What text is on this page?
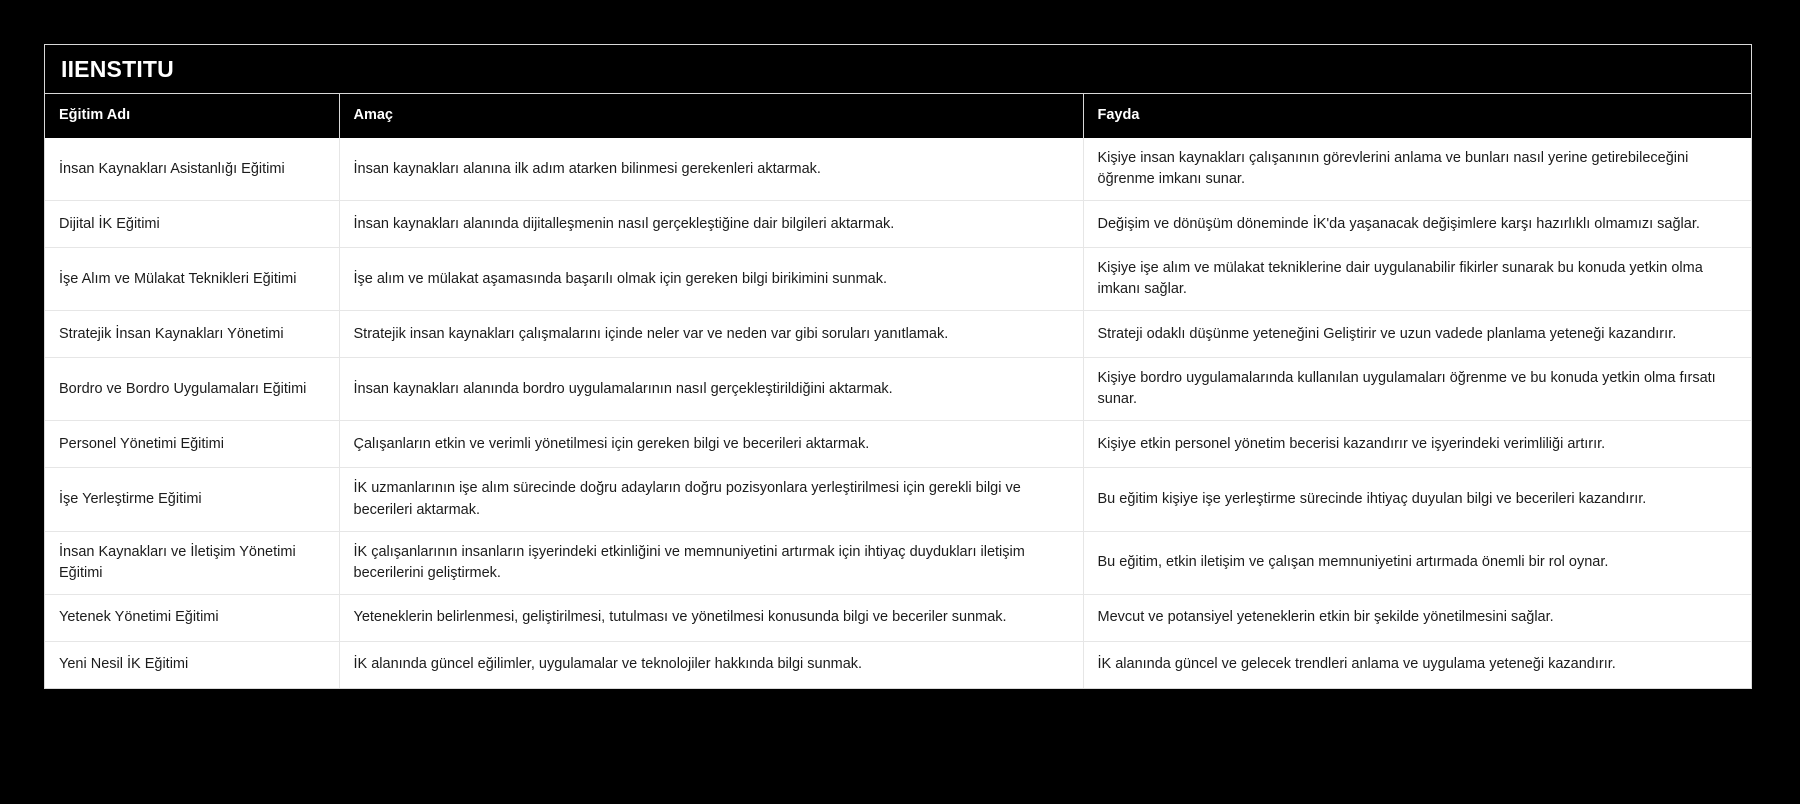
IIENSTITU
Eğitim Adı	Amaç	Fayda
İnsan Kaynakları Asistanlığı Eğitimi	İnsan kaynakları alanına ilk adım atarken bilinmesi gerekenleri aktarmak.	Kişiye insan kaynakları çalışanının görevlerini anlama ve bunları nasıl yerine getirebileceğini öğrenme imkanı sunar.
Dijital İK Eğitimi	İnsan kaynakları alanında dijitalleşmenin nasıl gerçekleştiğine dair bilgileri aktarmak.	Değişim ve dönüşüm döneminde İK'da yaşanacak değişimlere karşı hazırlıklı olmamızı sağlar.
İşe Alım ve Mülakat Teknikleri Eğitimi	İşe alım ve mülakat aşamasında başarılı olmak için gereken bilgi birikimini sunmak.	Kişiye işe alım ve mülakat tekniklerine dair uygulanabilir fikirler sunarak bu konuda yetkin olma imkanı sağlar.
Stratejik İnsan Kaynakları Yönetimi	Stratejik insan kaynakları çalışmalarını içinde neler var ve neden var gibi soruları yanıtlamak.	Strateji odaklı düşünme yeteneğini Geliştirir ve uzun vadede planlama yeteneği kazandırır.
Bordro ve Bordro Uygulamaları Eğitimi	İnsan kaynakları alanında bordro uygulamalarının nasıl gerçekleştirildiğini aktarmak.	Kişiye bordro uygulamalarında kullanılan uygulamaları öğrenme ve bu konuda yetkin olma fırsatı sunar.
Personel Yönetimi Eğitimi	Çalışanların etkin ve verimli yönetilmesi için gereken bilgi ve becerileri aktarmak.	Kişiye etkin personel yönetim becerisi kazandırır ve işyerindeki verimliliği artırır.
İşe Yerleştirme Eğitimi	İK uzmanlarının işe alım sürecinde doğru adayların doğru pozisyonlara yerleştirilmesi için gerekli bilgi ve becerileri aktarmak.	Bu eğitim kişiye işe yerleştirme sürecinde ihtiyaç duyulan bilgi ve becerileri kazandırır.
İnsan Kaynakları ve İletişim Yönetimi Eğitimi	İK çalışanlarının insanların işyerindeki etkinliğini ve memnuniyetini artırmak için ihtiyaç duydukları iletişim becerilerini geliştirmek.	Bu eğitim, etkin iletişim ve çalışan memnuniyetini artırmada önemli bir rol oynar.
Yetenek Yönetimi Eğitimi	Yeteneklerin belirlenmesi, geliştirilmesi, tutulması ve yönetilmesi konusunda bilgi ve beceriler sunmak.	Mevcut ve potansiyel yeteneklerin etkin bir şekilde yönetilmesini sağlar.
Yeni Nesil İK Eğitimi	İK alanında güncel eğilimler, uygulamalar ve teknolojiler hakkında bilgi sunmak.	İK alanında güncel ve gelecek trendleri anlama ve uygulama yeteneği kazandırır.
